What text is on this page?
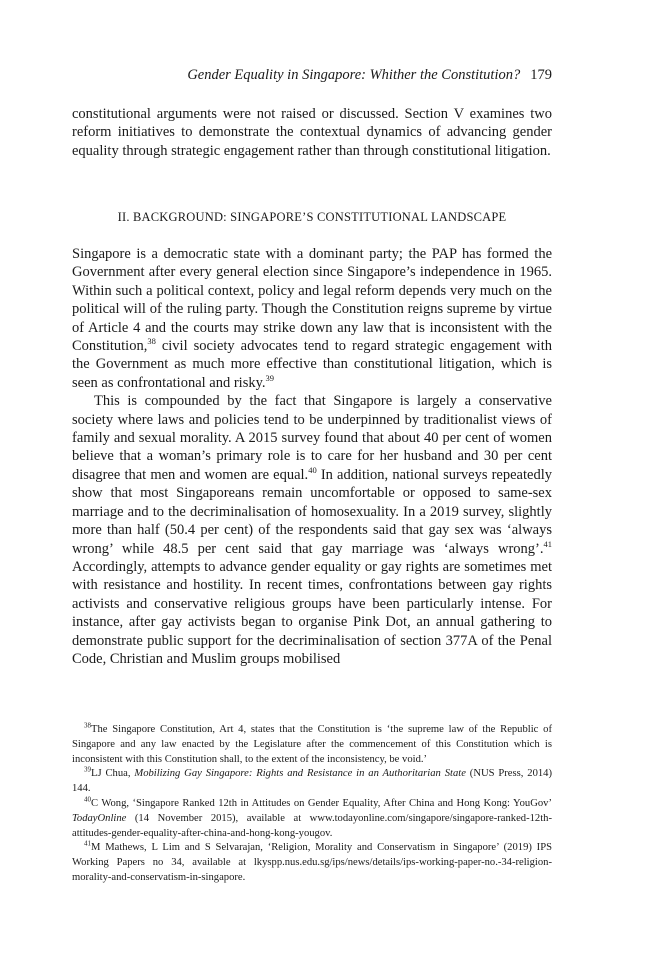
Gender Equality in Singapore: Whither the Constitution? 179

constitutional arguments were not raised or discussed. Section V examines two reform initiatives to demonstrate the contextual dynamics of advancing gender equality through strategic engagement rather than through constitutional litigation.

II. BACKGROUND: SINGAPORE’S CONSTITUTIONAL LANDSCAPE

Singapore is a democratic state with a dominant party; the PAP has formed the Government after every general election since Singapore’s independence in 1965. Within such a political context, policy and legal reform depends very much on the political will of the ruling party. Though the Constitution reigns supreme by virtue of Article 4 and the courts may strike down any law that is inconsistent with the Constitution,$^{38}$ civil society advocates tend to regard strategic engagement with the Government as much more effective than constitutional litigation, which is seen as confrontational and risky.$^{39}$

This is compounded by the fact that Singapore is largely a conservative society where laws and policies tend to be underpinned by traditionalist views of family and sexual morality. A 2015 survey found that about 40 per cent of women believe that a woman’s primary role is to care for her husband and 30 per cent disagree that men and women are equal.$^{40}$ In addition, national surveys repeatedly show that most Singaporeans remain uncomfortable or opposed to same-sex marriage and to the decriminalisation of homosexuality. In a 2019 survey, slightly more than half (50.4 per cent) of the respondents said that gay sex was ‘always wrong’ while 48.5 per cent said that gay marriage was ‘always wrong’.$^{41}$ Accordingly, attempts to advance gender equality or gay rights are sometimes met with resistance and hostility. In recent times, confrontations between gay rights activists and conservative religious groups have been particularly intense. For instance, after gay activists began to organise Pink Dot, an annual gathering to demonstrate public support for the decriminalisation of section 377A of the Penal Code, Christian and Muslim groups mobilised

$^{38}$The Singapore Constitution, Art 4, states that the Constitution is ‘the supreme law of the Republic of Singapore and any law enacted by the Legislature after the commencement of this Constitution which is inconsistent with this Constitution shall, to the extent of the inconsistency, be void.’

$^{39}$LJ Chua, Mobilizing Gay Singapore: Rights and Resistance in an Authoritarian State (NUS Press, 2014) 144.

$^{40}$C Wong, ‘Singapore Ranked 12th in Attitudes on Gender Equality, After China and Hong Kong: YouGov’ TodayOnline (14 November 2015), available at www.todayonline.com/singapore/singapore-ranked-12th-attitudes-gender-equality-after-china-and-hong-kong-yougov.

$^{41}$M Mathews, L Lim and S Selvarajan, ‘Religion, Morality and Conservatism in Singapore’ (2019) IPS Working Papers no 34, available at lkyspp.nus.edu.sg/ips/news/details/ips-working-paper-no.-34-religion-morality-and-conservatism-in-singapore.
